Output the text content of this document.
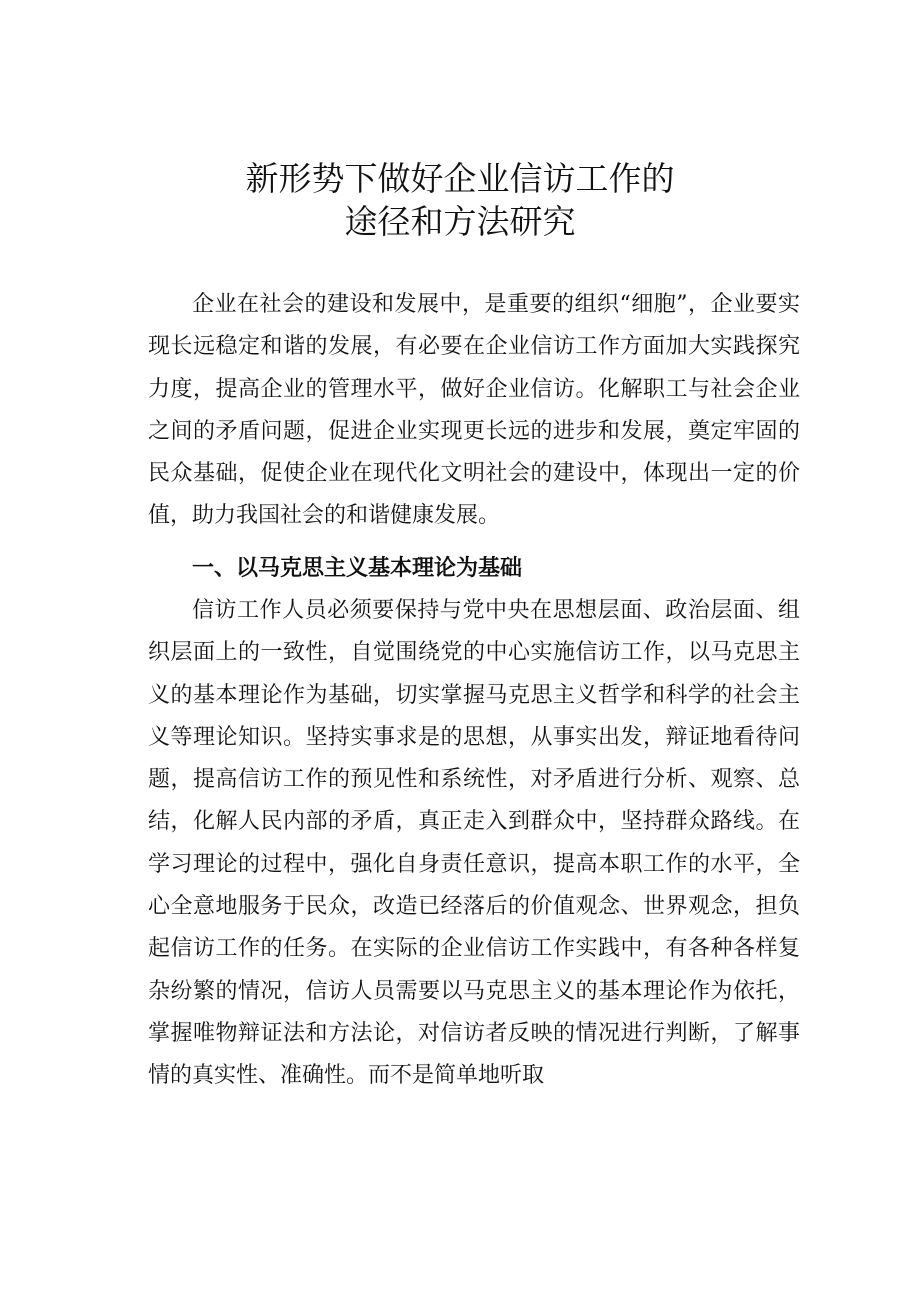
新形势下做好企业信访工作的
途径和方法研究

企业在社会的建设和发展中，是重要的组织“细胞”，企业要实现长远稳定和谐的发展，有必要在企业信访工作方面加大实践探究力度，提高企业的管理水平，做好企业信访。化解职工与社会企业之间的矛盾问题，促进企业实现更长远的进步和发展，奠定牢固的民众基础，促使企业在现代化文明社会的建设中，体现出一定的价值，助力我国社会的和谐健康发展。

一、以马克思主义基本理论为基础

信访工作人员必须要保持与党中央在思想层面、政治层面、组织层面上的一致性，自觉围绕党的中心实施信访工作，以马克思主义的基本理论作为基础，切实掌握马克思主义哲学和科学的社会主义等理论知识。坚持实事求是的思想，从事实出发，辩证地看待问题，提高信访工作的预见性和系统性，对矛盾进行分析、观察、总结，化解人民内部的矛盾，真正走入到群众中，坚持群众路线。在学习理论的过程中，强化自身责任意识，提高本职工作的水平，全心全意地服务于民众，改造已经落后的价值观念、世界观念，担负起信访工作的任务。在实际的企业信访工作实践中，有各种各样复杂纷繁的情况，信访人员需要以马克思主义的基本理论作为依托，掌握唯物辩证法和方法论，对信访者反映的情况进行判断，了解事情的真实性、准确性。而不是简单地听取
